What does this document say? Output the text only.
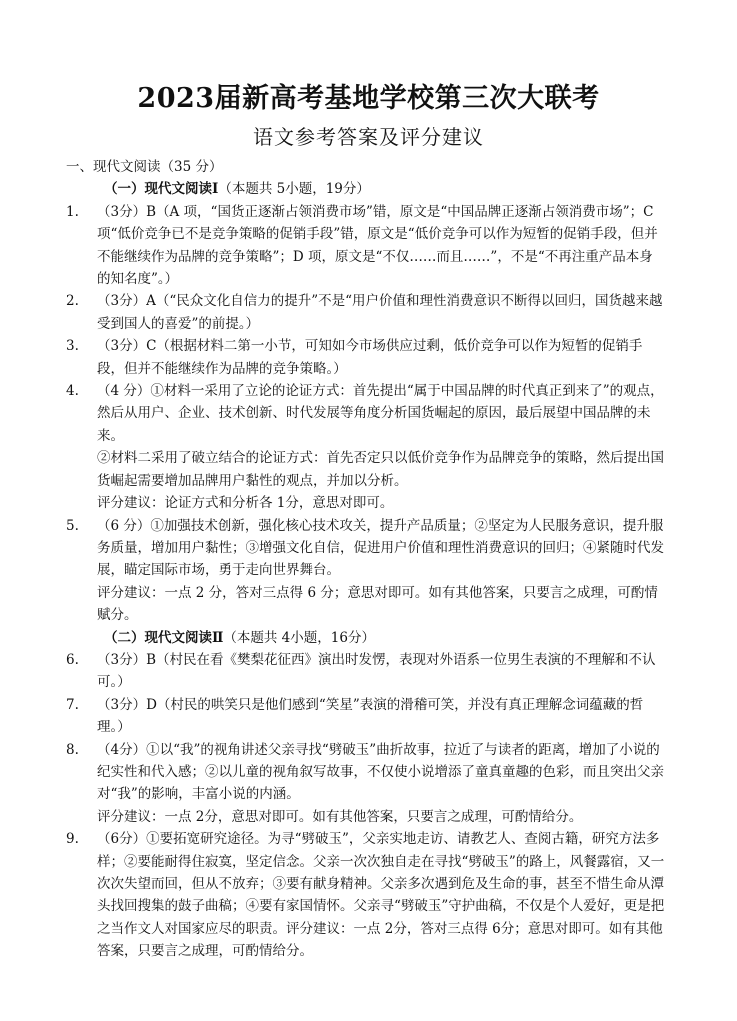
2023届新高考基地学校第三次大联考
语文参考答案及评分建议
一、现代文阅读（35 分）
（一）现代文阅读Ⅰ（本题共 5小题，19分）
1.	（3分）B（A 项，“国货正逐渐占领消费市场”错，原文是“中国品牌正逐渐占领消费市场”；C 项“低价竞争已不是竞争策略的促销手段”错，原文是“低价竞争可以作为短暂的促销手段，但并不能继续作为品牌的竞争策略”；D 项，原文是“不仅……而且……”，不是“不再注重产品本身的知名度”。）
2.	（3分）A（“民众文化自信力的提升”不是“用户价值和理性消费意识不断得以回归，国货越来越受到国人的喜爱”的前提。）
3.	（3分）C（根据材料二第一小节，可知如今市场供应过剩，低价竞争可以作为短暂的促销手段，但并不能继续作为品牌的竞争策略。）
4.	（4 分）①材料一采用了立论的论证方式：首先提出“属于中国品牌的时代真正到来了”的观点，然后从用户、企业、技术创新、时代发展等角度分析国货崛起的原因，最后展望中国品牌的未来。
②材料二采用了破立结合的论证方式：首先否定只以低价竞争作为品牌竞争的策略，然后提出国货崛起需要增加品牌用户黏性的观点，并加以分析。
评分建议：论证方式和分析各 1分，意思对即可。
5.	（6 分）①加强技术创新，强化核心技术攻关，提升产品质量；②坚定为人民服务意识，提升服务质量，增加用户黏性；③增强文化自信，促进用户价值和理性消费意识的回归；④紧随时代发展，瞄定国际市场，勇于走向世界舞台。
评分建议：一点 2 分，答对三点得 6 分；意思对即可。如有其他答案，只要言之成理，可酌情赋分。
（二）现代文阅读Ⅱ（本题共 4小题，16分）
6.	（3分）B（村民在看《樊梨花征西》演出时发愣，表现对外语系一位男生表演的不理解和不认可。）
7.	（3分）D（村民的哄笑只是他们感到“笑星”表演的滑稽可笑，并没有真正理解念词蕴藏的哲理。）
8.	（4分）①以“我”的视角讲述父亲寻找“劈破玉”曲折故事，拉近了与读者的距离，增加了小说的纪实性和代入感；②以儿童的视角叙写故事，不仅使小说增添了童真童趣的色彩，而且突出父亲对“我”的影响，丰富小说的内涵。
评分建议：一点 2分，意思对即可。如有其他答案，只要言之成理，可酌情给分。
9.	（6分）①要拓宽研究途径。为寻“劈破玉”，父亲实地走访、请教艺人、查阅古籍，研究方法多样；②要能耐得住寂寞，坚定信念。父亲一次次独自走在寻找“劈破玉”的路上，风餐露宿，又一次次失望而回，但从不放弃；③要有献身精神。父亲多次遇到危及生命的事，甚至不惜生命从潭头找回搜集的鼓子曲稿；④要有家国情怀。父亲寻“劈破玉”守护曲稿，不仅是个人爱好，更是把之当作文人对国家应尽的职责。评分建议：一点 2分，答对三点得 6分；意思对即可。如有其他答案，只要言之成理，可酌情给分。
